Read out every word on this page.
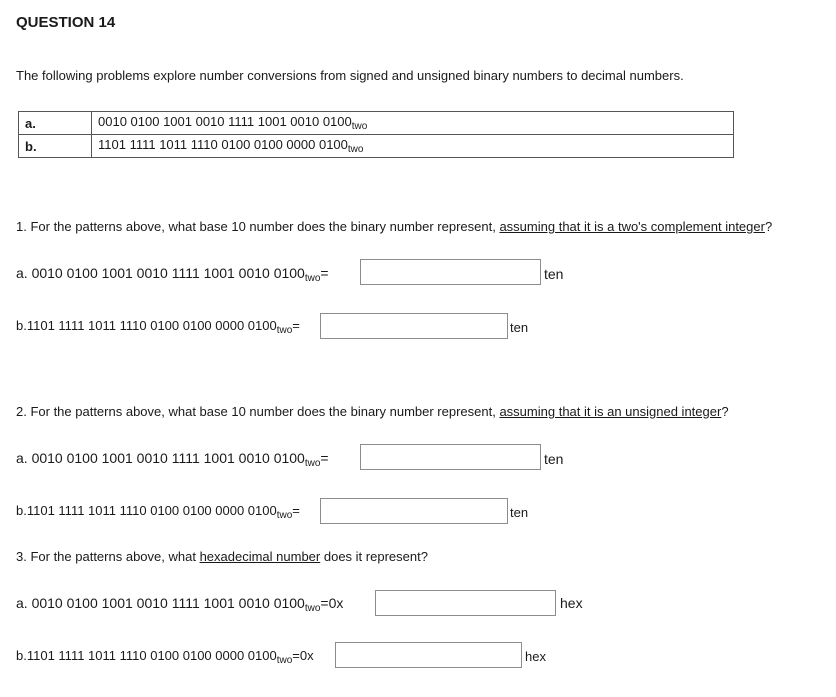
QUESTION 14
The following problems explore number conversions from signed and unsigned binary numbers to decimal numbers.
a.	0010 0100 1001 0010 1111 1001 0010 $0100_{two}$
b.	1101 1111 1011 1110 0100 0100 0000 $0100_{two}$
1. For the patterns above, what base 10 number does the binary number represent, assuming that it is a two's complement integer?
a. 0010 0100 1001 0010 1111 1001 0010 $0100_{two}=$	ten
b.1101 1111 1011 1110 0100 0100 0000 $0100_{two}=$	ten
2. For the patterns above, what base 10 number does the binary number represent, assuming that it is an unsigned integer?
a. 0010 0100 1001 0010 1111 1001 0010 $0100_{two}=$	ten
b.1101 1111 1011 1110 0100 0100 0000 $0100_{two}=$	ten
3. For the patterns above, what hexadecimal number does it represent?
a. 0010 0100 1001 0010 1111 1001 0010 $0100_{two}=0x$	hex
b.1101 1111 1011 1110 0100 0100 0000 $0100_{two}=0x$	hex
